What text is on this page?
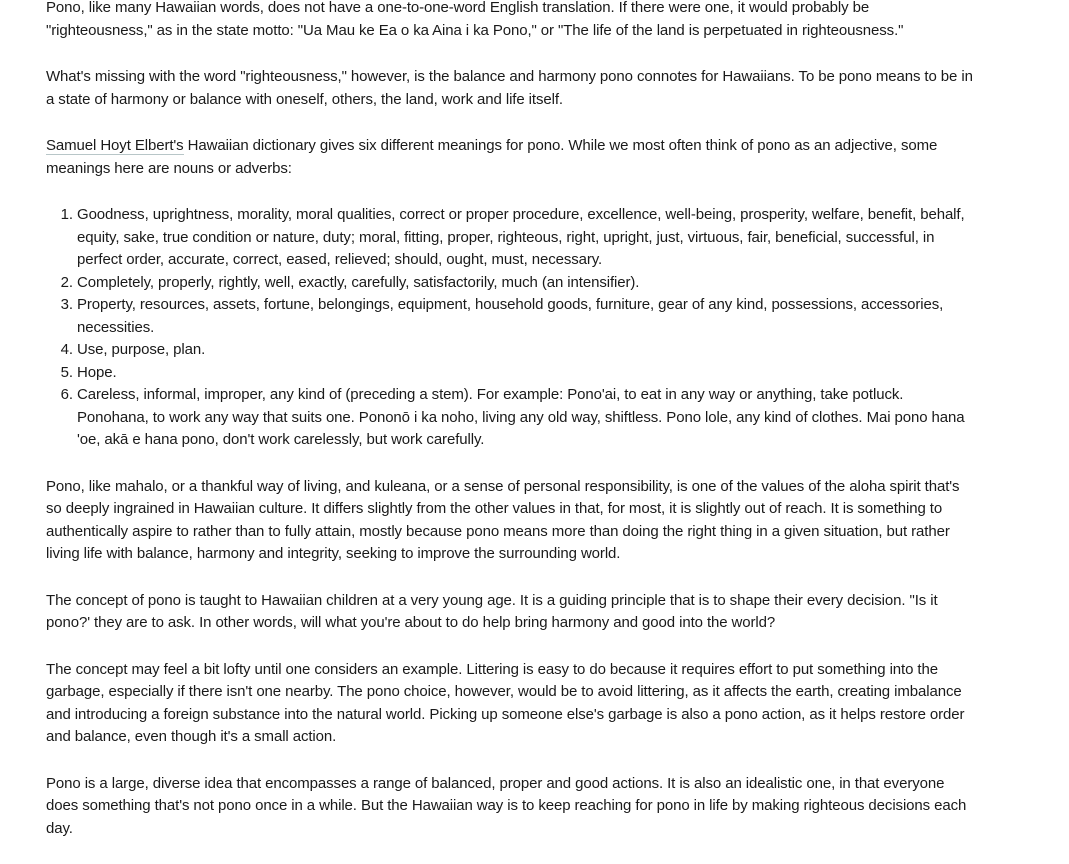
Pono, like many Hawaiian words, does not have a one-to-one-word English translation. If there were one, it would probably be "righteousness," as in the state motto: "Ua Mau ke Ea o ka Aina i ka Pono," or "The life of the land is perpetuated in righteousness."

What's missing with the word "righteousness," however, is the balance and harmony pono connotes for Hawaiians. To be pono means to be in a state of harmony or balance with oneself, others, the land, work and life itself.

Samuel Hoyt Elbert's Hawaiian dictionary gives six different meanings for pono. While we most often think of pono as an adjective, some meanings here are nouns or adverbs:

1. Goodness, uprightness, morality, moral qualities, correct or proper procedure, excellence, well-being, prosperity, welfare, benefit, behalf, equity, sake, true condition or nature, duty; moral, fitting, proper, righteous, right, upright, just, virtuous, fair, beneficial, successful, in perfect order, accurate, correct, eased, relieved; should, ought, must, necessary.
2. Completely, properly, rightly, well, exactly, carefully, satisfactorily, much (an intensifier).
3. Property, resources, assets, fortune, belongings, equipment, household goods, furniture, gear of any kind, possessions, accessories, necessities.
4. Use, purpose, plan.
5. Hope.
6. Careless, informal, improper, any kind of (preceding a stem). For example: Pono'ai, to eat in any way or anything, take potluck. Ponohana, to work any way that suits one. Pononō i ka noho, living any old way, shiftless. Pono lole, any kind of clothes. Mai pono hana 'oe, akā e hana pono, don't work carelessly, but work carefully.

Pono, like mahalo, or a thankful way of living, and kuleana, or a sense of personal responsibility, is one of the values of the aloha spirit that's so deeply ingrained in Hawaiian culture. It differs slightly from the other values in that, for most, it is slightly out of reach. It is something to authentically aspire to rather than to fully attain, mostly because pono means more than doing the right thing in a given situation, but rather living life with balance, harmony and integrity, seeking to improve the surrounding world.

The concept of pono is taught to Hawaiian children at a very young age. It is a guiding principle that is to shape their every decision. "Is it pono?' they are to ask. In other words, will what you're about to do help bring harmony and good into the world?

The concept may feel a bit lofty until one considers an example. Littering is easy to do because it requires effort to put something into the garbage, especially if there isn't one nearby. The pono choice, however, would be to avoid littering, as it affects the earth, creating imbalance and introducing a foreign substance into the natural world. Picking up someone else's garbage is also a pono action, as it helps restore order and balance, even though it's a small action.

Pono is a large, diverse idea that encompasses a range of balanced, proper and good actions. It is also an idealistic one, in that everyone does something that's not pono once in a while. But the Hawaiian way is to keep reaching for pono in life by making righteous decisions each day.
